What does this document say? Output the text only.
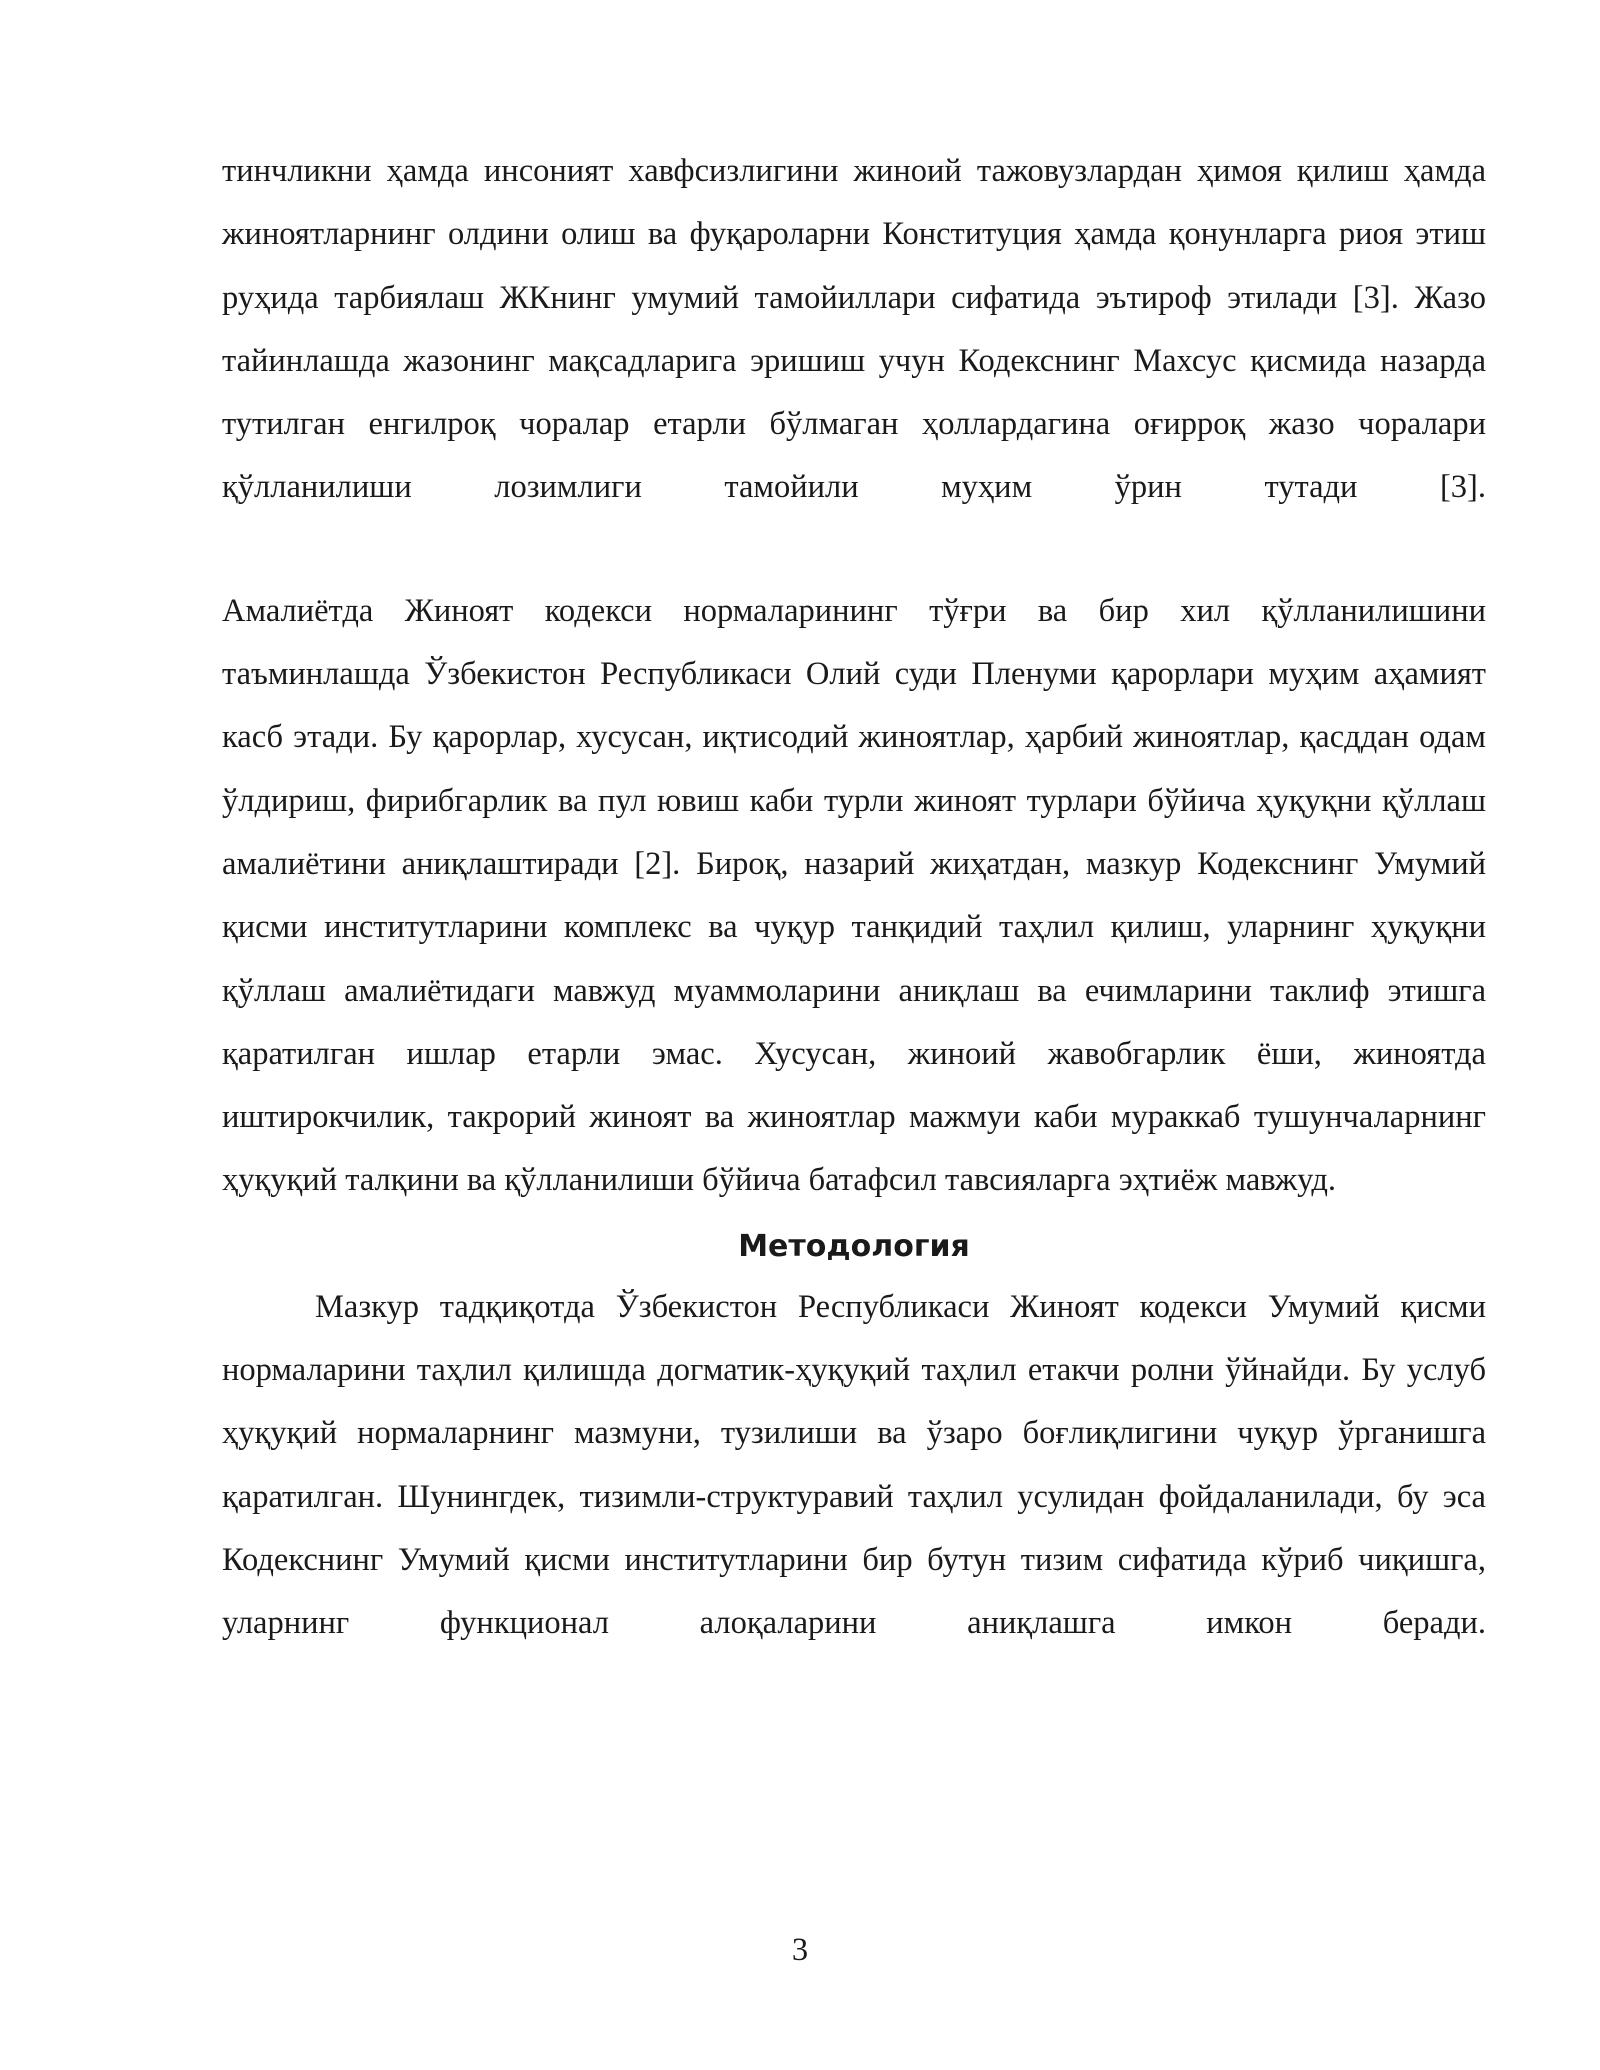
тинчликни ҳамда инсоният хавфсизлигини жиноий тажовузлардан ҳимоя қилиш ҳамда жиноятларнинг олдини олиш ва фуқароларни Конституция ҳамда қонунларга риоя этиш руҳида тарбиялаш ЖКнинг умумий тамойиллари сифатида эътироф этилади [3]. Жазо тайинлашда жазонинг мақсадларига эришиш учун Кодекснинг Махсус қисмида назарда тутилган енгилроқ чоралар етарли бўлмаган ҳоллардагина оғирроқ жазо чоралари қўлланилиши лозимлиги тамойили муҳим ўрин тутади [3].

Амалиётда Жиноят кодекси нормаларининг тўғри ва бир хил қўлланилишини таъминлашда Ўзбекистон Республикаси Олий суди Пленуми қарорлари муҳим аҳамият касб этади. Бу қарорлар, хусусан, иқтисодий жиноятлар, ҳарбий жиноятлар, қасддан одам ўлдириш, фирибгарлик ва пул ювиш каби турли жиноят турлари бўйича ҳуқуқни қўллаш амалиётини аниқлаштиради [2]. Бироқ, назарий жиҳатдан, мазкур Кодекснинг Умумий қисми институтларини комплекс ва чуқур танқидий таҳлил қилиш, уларнинг ҳуқуқни қўллаш амалиётидаги мавжуд муаммоларини аниқлаш ва ечимларини таклиф этишга қаратилган ишлар етарли эмас. Хусусан, жиноий жавобгарлик ёши, жиноятда иштирокчилик, такрорий жиноят ва жиноятлар мажмуи каби мураккаб тушунчаларнинг ҳуқуқий талқини ва қўлланилиши бўйича батафсил тавсияларга эҳтиёж мавжуд.

Методология

Мазкур тадқиқотда Ўзбекистон Республикаси Жиноят кодекси Умумий қисми нормаларини таҳлил қилишда догматик-ҳуқуқий таҳлил етакчи ролни ўйнайди. Бу услуб ҳуқуқий нормаларнинг мазмуни, тузилиши ва ўзаро боғлиқлигини чуқур ўрганишга қаратилган. Шунингдек, тизимли-структуравий таҳлил усулидан фойдаланилади, бу эса Кодекснинг Умумий қисми институтларини бир бутун тизим сифатида кўриб чиқишга, уларнинг функционал алоқаларини аниқлашга имкон беради.

3
